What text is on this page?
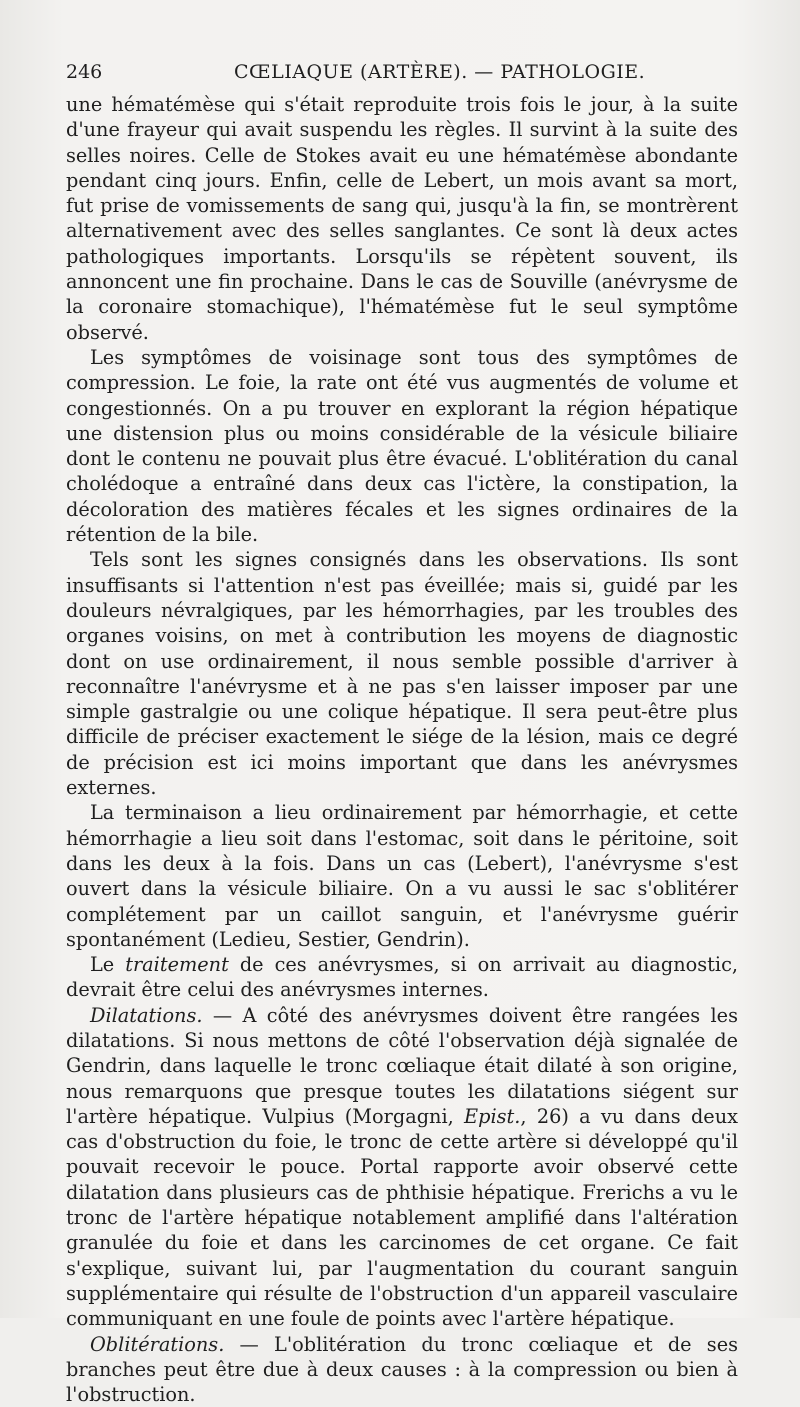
246	CŒLIAQUE (ARTÈRE). — PATHOLOGIE.

une hématémèse qui s'était reproduite trois fois le jour, à la suite d'une frayeur qui avait suspendu les règles. Il survint à la suite des selles noires. Celle de Stokes avait eu une hématémèse abondante pendant cinq jours. Enfin, celle de Lebert, un mois avant sa mort, fut prise de vomissements de sang qui, jusqu'à la fin, se montrèrent alternativement avec des selles sanglantes. Ce sont là deux actes pathologiques importants. Lorsqu'ils se répètent souvent, ils annoncent une fin prochaine. Dans le cas de Souville (anévrysme de la coronaire stomachique), l'hématémèse fut le seul symptôme observé.

Les symptômes de voisinage sont tous des symptômes de compression. Le foie, la rate ont été vus augmentés de volume et congestionnés. On a pu trouver en explorant la région hépatique une distension plus ou moins considérable de la vésicule biliaire dont le contenu ne pouvait plus être évacué. L'oblitération du canal cholédoque a entraîné dans deux cas l'ictère, la constipation, la décoloration des matières fécales et les signes ordinaires de la rétention de la bile.

Tels sont les signes consignés dans les observations. Ils sont insuffisants si l'attention n'est pas éveillée; mais si, guidé par les douleurs névralgiques, par les hémorrhagies, par les troubles des organes voisins, on met à contribution les moyens de diagnostic dont on use ordinairement, il nous semble possible d'arriver à reconnaître l'anévrysme et à ne pas s'en laisser imposer par une simple gastralgie ou une colique hépatique. Il sera peut-être plus difficile de préciser exactement le siége de la lésion, mais ce degré de précision est ici moins important que dans les anévrysmes externes.

La terminaison a lieu ordinairement par hémorrhagie, et cette hémorrhagie a lieu soit dans l'estomac, soit dans le péritoine, soit dans les deux à la fois. Dans un cas (Lebert), l'anévrysme s'est ouvert dans la vésicule biliaire. On a vu aussi le sac s'oblitérer complétement par un caillot sanguin, et l'anévrysme guérir spontanément (Ledieu, Sestier, Gendrin).

Le traitement de ces anévrysmes, si on arrivait au diagnostic, devrait être celui des anévrysmes internes.

Dilatations. — A côté des anévrysmes doivent être rangées les dilatations. Si nous mettons de côté l'observation déjà signalée de Gendrin, dans laquelle le tronc cœliaque était dilaté à son origine, nous remarquons que presque toutes les dilatations siégent sur l'artère hépatique. Vulpius (Morgagni, Epist., 26) a vu dans deux cas d'obstruction du foie, le tronc de cette artère si développé qu'il pouvait recevoir le pouce. Portal rapporte avoir observé cette dilatation dans plusieurs cas de phthisie hépatique. Frerichs a vu le tronc de l'artère hépatique notablement amplifié dans l'altération granulée du foie et dans les carcinomes de cet organe. Ce fait s'explique, suivant lui, par l'augmentation du courant sanguin supplémentaire qui résulte de l'obstruction d'un appareil vasculaire communiquant en une foule de points avec l'artère hépatique.

Oblitérations. — L'oblitération du tronc cœliaque et de ses branches peut être due à deux causes : à la compression ou bien à l'obstruction.
